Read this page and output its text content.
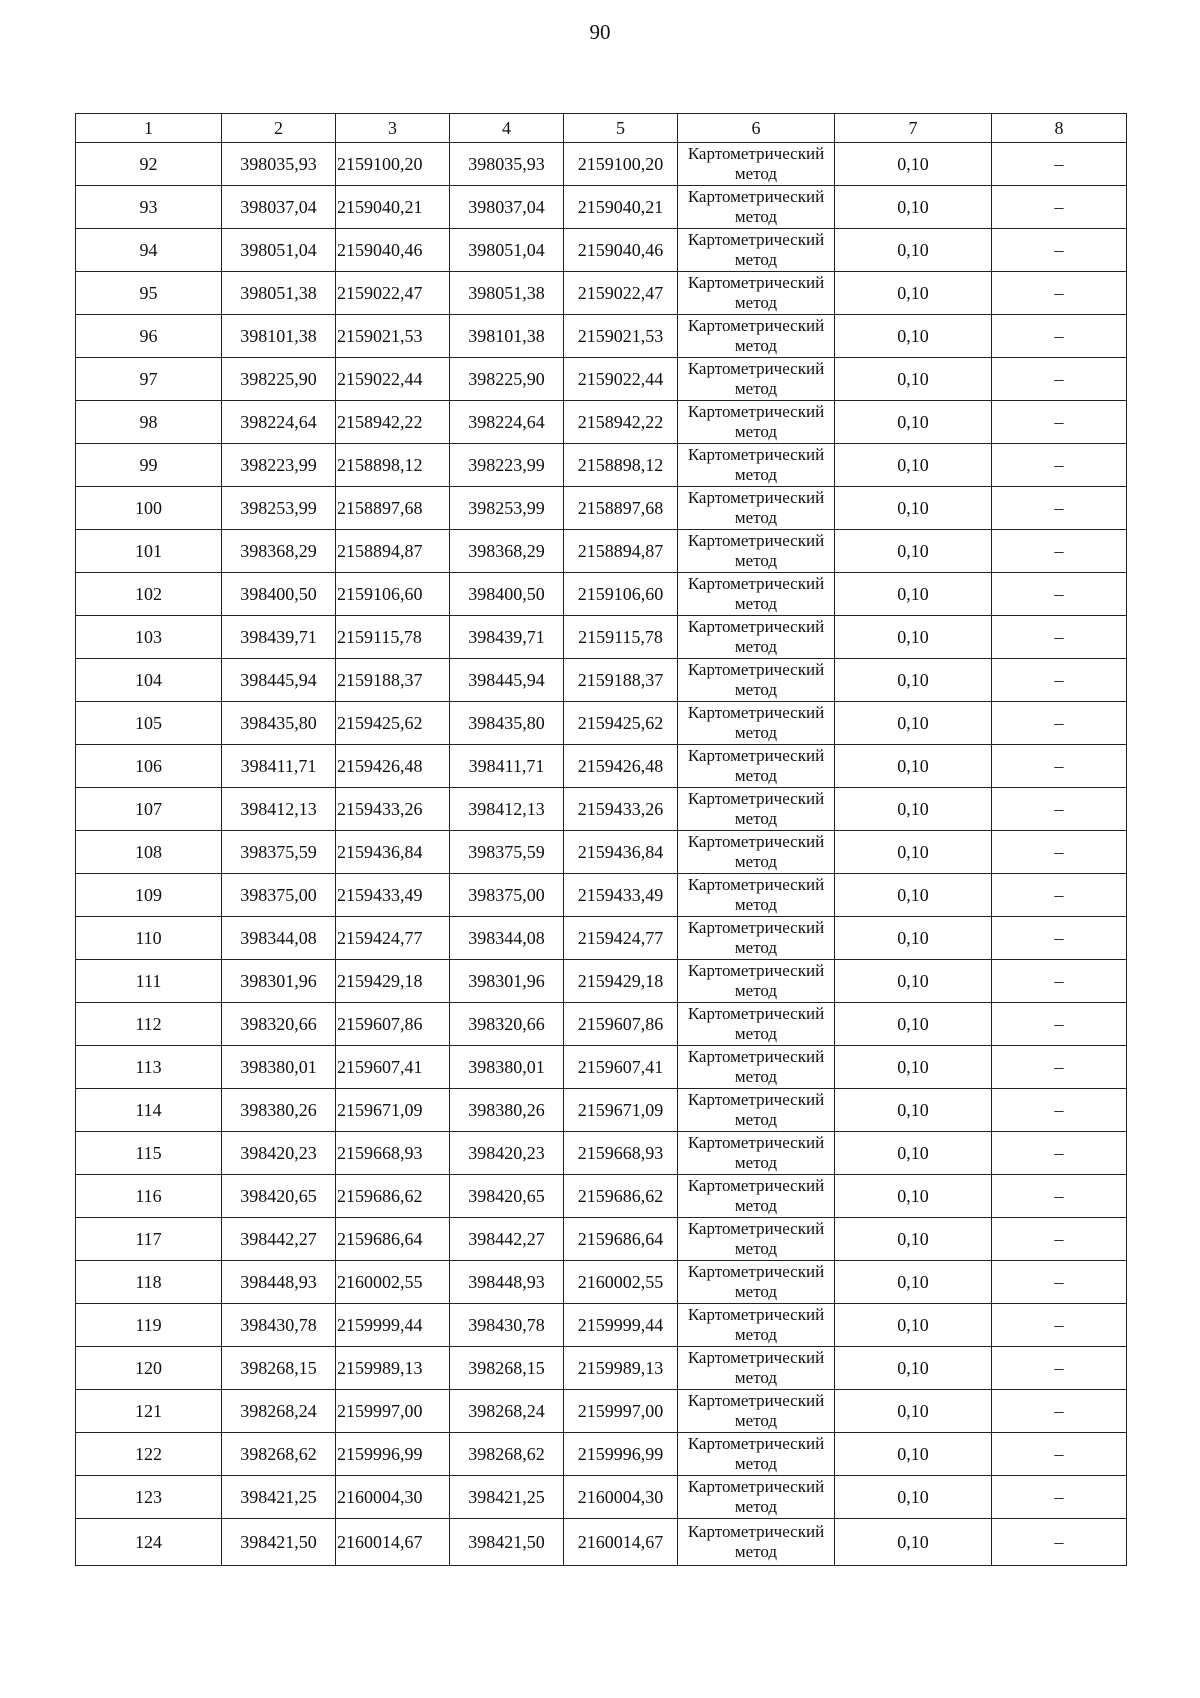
90
1	2	3	4	5	6	7	8
92	398035,93	2159100,20	398035,93	2159100,20	Картометрический метод	0,10	–
93	398037,04	2159040,21	398037,04	2159040,21	Картометрический метод	0,10	–
94	398051,04	2159040,46	398051,04	2159040,46	Картометрический метод	0,10	–
95	398051,38	2159022,47	398051,38	2159022,47	Картометрический метод	0,10	–
96	398101,38	2159021,53	398101,38	2159021,53	Картометрический метод	0,10	–
97	398225,90	2159022,44	398225,90	2159022,44	Картометрический метод	0,10	–
98	398224,64	2158942,22	398224,64	2158942,22	Картометрический метод	0,10	–
99	398223,99	2158898,12	398223,99	2158898,12	Картометрический метод	0,10	–
100	398253,99	2158897,68	398253,99	2158897,68	Картометрический метод	0,10	–
101	398368,29	2158894,87	398368,29	2158894,87	Картометрический метод	0,10	–
102	398400,50	2159106,60	398400,50	2159106,60	Картометрический метод	0,10	–
103	398439,71	2159115,78	398439,71	2159115,78	Картометрический метод	0,10	–
104	398445,94	2159188,37	398445,94	2159188,37	Картометрический метод	0,10	–
105	398435,80	2159425,62	398435,80	2159425,62	Картометрический метод	0,10	–
106	398411,71	2159426,48	398411,71	2159426,48	Картометрический метод	0,10	–
107	398412,13	2159433,26	398412,13	2159433,26	Картометрический метод	0,10	–
108	398375,59	2159436,84	398375,59	2159436,84	Картометрический метод	0,10	–
109	398375,00	2159433,49	398375,00	2159433,49	Картометрический метод	0,10	–
110	398344,08	2159424,77	398344,08	2159424,77	Картометрический метод	0,10	–
111	398301,96	2159429,18	398301,96	2159429,18	Картометрический метод	0,10	–
112	398320,66	2159607,86	398320,66	2159607,86	Картометрический метод	0,10	–
113	398380,01	2159607,41	398380,01	2159607,41	Картометрический метод	0,10	–
114	398380,26	2159671,09	398380,26	2159671,09	Картометрический метод	0,10	–
115	398420,23	2159668,93	398420,23	2159668,93	Картометрический метод	0,10	–
116	398420,65	2159686,62	398420,65	2159686,62	Картометрический метод	0,10	–
117	398442,27	2159686,64	398442,27	2159686,64	Картометрический метод	0,10	–
118	398448,93	2160002,55	398448,93	2160002,55	Картометрический метод	0,10	–
119	398430,78	2159999,44	398430,78	2159999,44	Картометрический метод	0,10	–
120	398268,15	2159989,13	398268,15	2159989,13	Картометрический метод	0,10	–
121	398268,24	2159997,00	398268,24	2159997,00	Картометрический метод	0,10	–
122	398268,62	2159996,99	398268,62	2159996,99	Картометрический метод	0,10	–
123	398421,25	2160004,30	398421,25	2160004,30	Картометрический метод	0,10	–
124	398421,50	2160014,67	398421,50	2160014,67	Картометрический метод	0,10	–
